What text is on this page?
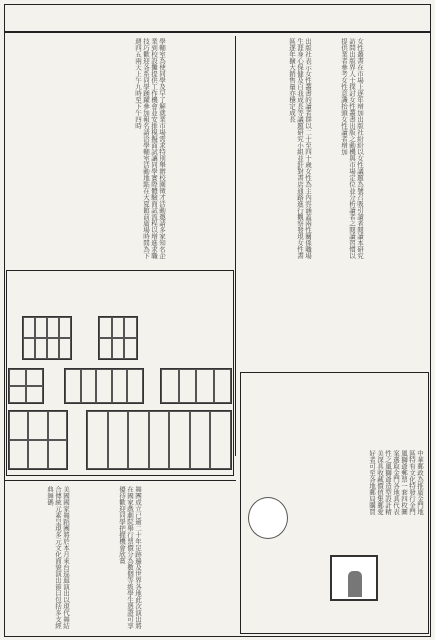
女性叢書在市場上逐年增加出版社紛紛以女性議題為號召吸引讀者閱讀本研究訪問出版界人士探討女性叢書出版之動機與市場定位並分析讀者之閱讀習慣以提供業者參考女性意識抬頭女性讀者增加
出版社表示女性叢書的讀者群以二十至四十歲女性為主內容涵蓋兩性關係職場生涯身心保健及自我成長等議題研究小組並針對書店通路進行觀察發現女性書區逐年擴大銷售量亦穩定成長
學輔室為使同學及早了解就業市場需求特別舉辦校園徵才活動邀請多家知名企業到校設攤提供工作機會並安排模擬面試讓同學實際體驗面試流程以增進求職技巧歡迎各系同學踴躍參加報名請洽學輔室活動地點在大夏館前廣場時間為下週四五兩天上午九時至下午四時
中華郵政為推廣金門地區特有文化特發行金門風獅爺郵票一套四枚圖案選取金門各地具代表性之風獅爺造型設計精美深具收藏價值集郵愛好者可至各地郵局購買
美國國家舞蹈團將於本月來台巡迴演出以現代舞結合傳統元素呈現多元文化面貌演出節目包括多支經典舞碼	舞團成立已逾二十年足跡遍及世界各地此次演出將在國家戲劇院舉行票價分為數個等級學生憑證可享優待歡迎同學把握機會欣賞
